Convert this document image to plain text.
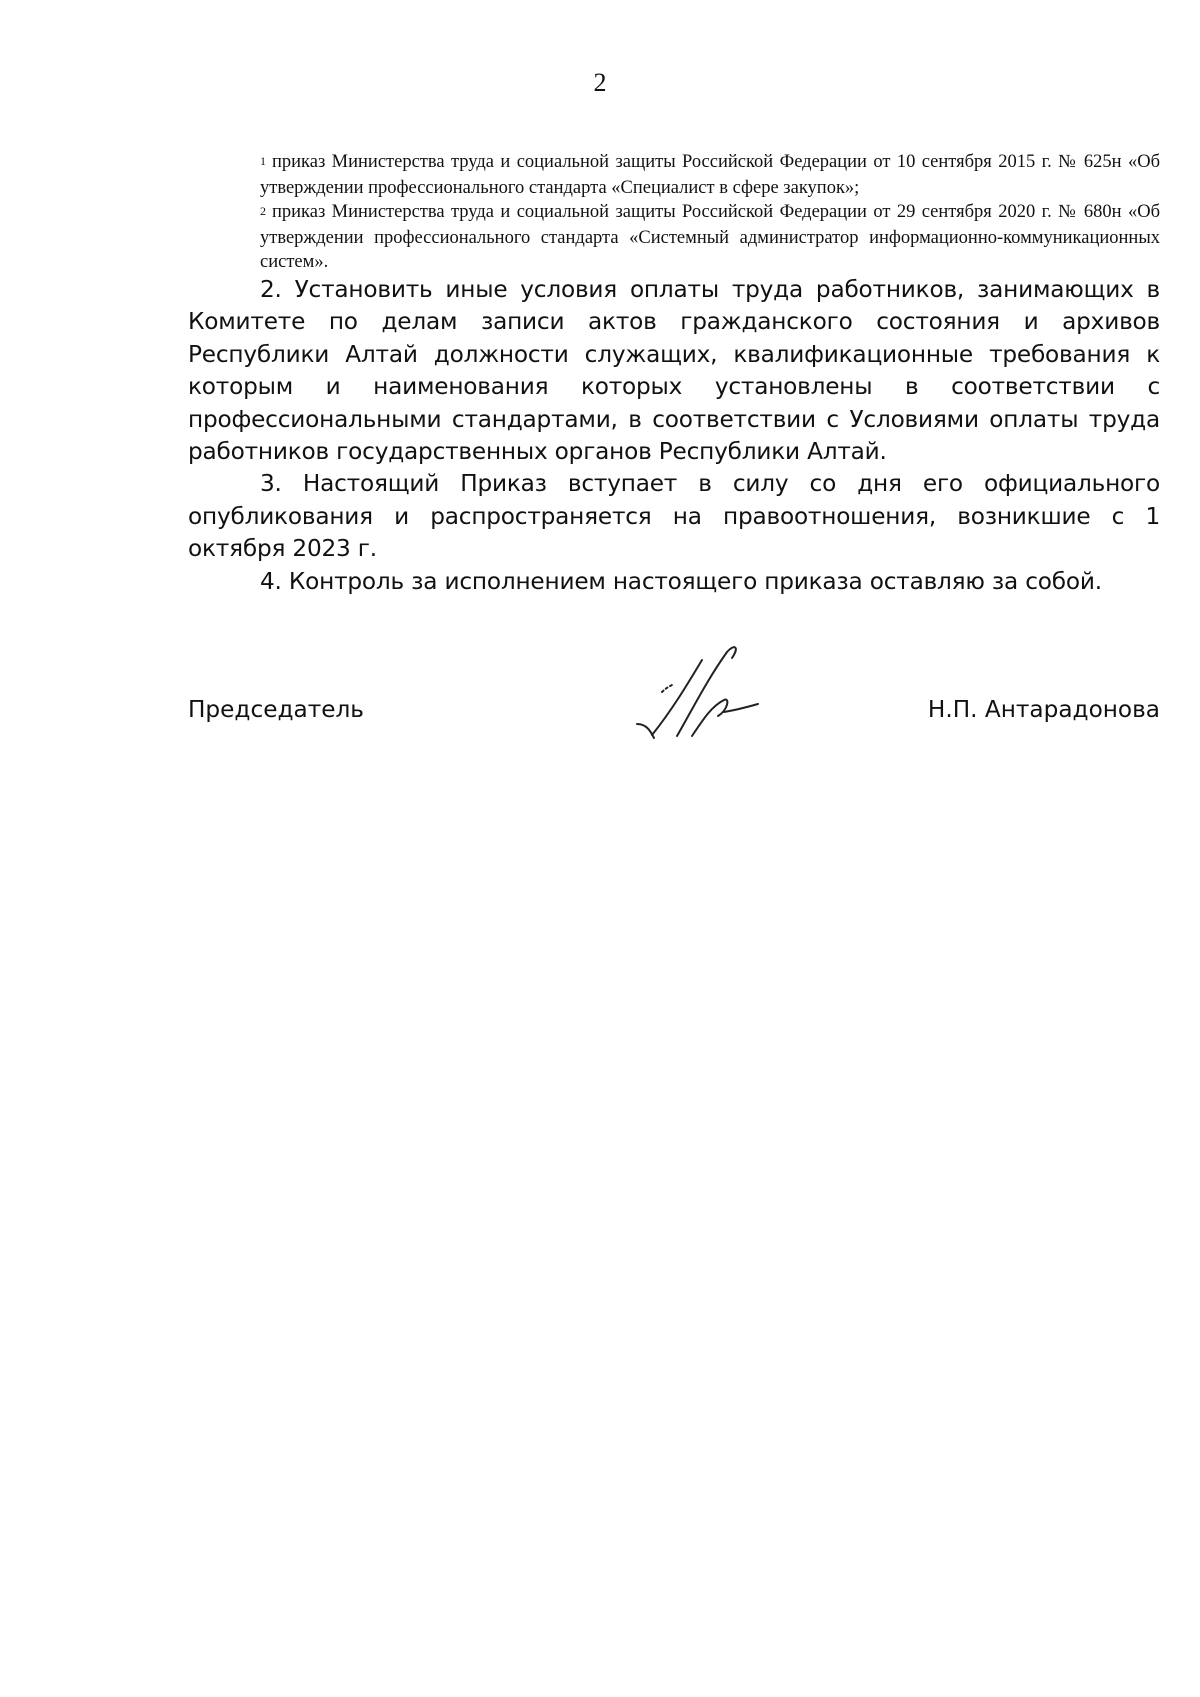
2

$^1$ приказ Министерства труда и социальной защиты Российской Федерации от 10 сентября 2015 г. № 625н «Об утверждении профессионального стандарта «Специалист в сфере закупок»;

$^2$ приказ Министерства труда и социальной защиты Российской Федерации от 29 сентября 2020 г. № 680н «Об утверждении профессионального стандарта «Системный администратор информационно-коммуникационных систем».

2. Установить иные условия оплаты труда работников, занимающих в Комитете по делам записи актов гражданского состояния и архивов Республики Алтай должности служащих, квалификационные требования к которым и наименования которых установлены в соответствии с профессиональными стандартами, в соответствии с Условиями оплаты труда работников государственных органов Республики Алтай.

3. Настоящий Приказ вступает в силу со дня его официального опубликования и распространяется на правоотношения, возникшие с 1 октября 2023 г.

4. Контроль за исполнением настоящего приказа оставляю за собой.

Председатель	Н.П. Антарадонова
